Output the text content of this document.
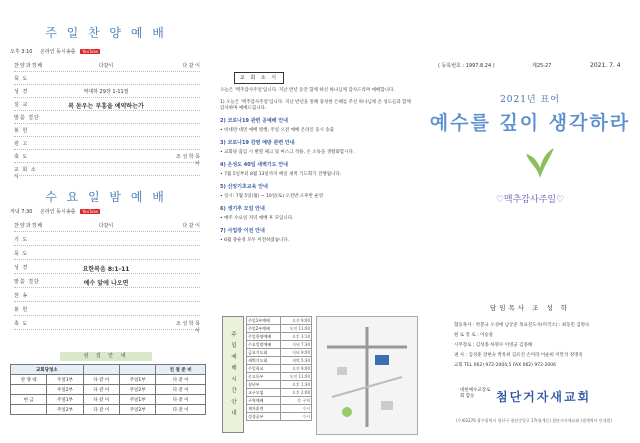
주 일 찬 양 예 배
오후 3:10 온라인 동시송출 YouTube
찬양과경배	다같이	다 같 이
묵 도
성 경	역대하 29장 1-11절
설 교	복 돋우는 부흥을 예약하는가
말씀 결단
봉 헌
광 고
축 도	조 성 학 목 사
교 회 소 식
수 요 일 밤 예 배
저녁 7:30 온라인 동시송출 YouTube
찬양과경배	다같이	다 같 이
기 도
묵 도
성 경	요한복음 8:1-11
말씀 결단	예수 앞에 나오면
찬 송
봉 헌
축 도	조 성 학 목 사
섬 김 안 내
교회당청소				친 절 준 비
찬 양 대	주일1부	다 같 이	주일1부	다 같 이
	주일2부	다 같 이	주일2부	다 같 이
현 금	주일1부	다 같 이	주일1부	다 같 이
	주일2부	다 같 이	주일2부	다 같 이
교 회 소 식
오늘은 '맥추감사주일'입니다. 지난 반년 동안 함께 하신 하나님께 감사드리며 예배합니다.
1) 오늘은 '맥추감사주일'입니다. 지난 반년을 통해 풍성한 은혜를 주신 하나님께 온 성도들과 함께 감사하며 예배드립니다.
2) 코로나19 관련 공예배 안내
• 비대면·대면 예배 병행, 주일 오전 예배 온라인 동시 송출
3) 코로나19 감염 예방 관련 안내
• 교회당 출입 시 발열 체크 및 마스크 착용, 손 소독을 생활화합시다.
4) 온성도 40일 새벽기도 안내
• 7월 5일부터 8월 13일까지 매일 새벽 기도회가 진행됩니다.
5) 신앙기초교육 안내
• 일시: 7월 5일(월) ~ 10일(토) 오전반·오후반 운영
6) 생기추 모임 안내
• 매주 수요일 저녁 예배 후 모입니다.
7) 사업장 이전 안내
• 6월 중순경 모두 이전하였습니다.
주 일 예 배 시 간 안 내
주일1부예배	오전 9:00
주일2부예배	오전 11:00
주일찬양예배	오후 3:10
수요일밤예배	저녁 7:30
금요기도회	저녁 9:00
새벽기도회	새벽 5:30
주일학교	오전 9:00
중고등부	오전 11:00
청년부	오후 1:30
교구모임	오후 2:00
구역예배	각 구역
제자훈련	수시
성경공부	수시
( 등록번호 : 1997.8.24 )	제25-27	2021. 7. 4
2021년 표어
예수를 깊이 생각하라
♡맥추감사주일♡
담임목사 조 성 학
협동목사 : 박봉규 오성애 남궁준 목표전도사(미국소) : 최동민 김명숙
원 로 장 로 : 이승중
시무장로 : 김성종 하명수 이영균 김종해
권 사 : 김성훈 장현숙 박옥희 김유진 손미라 이순희 이만석 정명옥
교회 TEL 062) 972-2004,5 FAX 062) 972-2006
대한예수교장로회 합동	첨단거자새교회
(우)62276 광주광역시 광산구 첨단중앙로 17(월계동) 첨단거자새교회 (생계역사 안내원)
